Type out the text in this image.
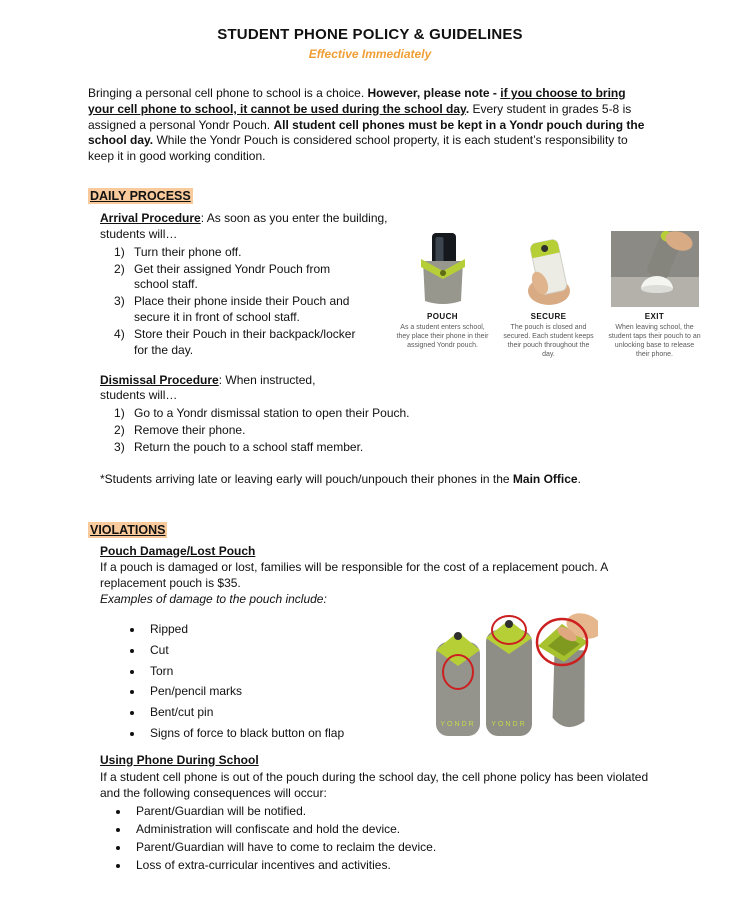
STUDENT PHONE POLICY & GUIDELINES
Effective Immediately

Bringing a personal cell phone to school is a choice. However, please note - if you choose to bring your cell phone to school, it cannot be used during the school day. Every student in grades 5-8 is assigned a personal Yondr Pouch. All student cell phones must be kept in a Yondr pouch during the school day. While the Yondr Pouch is considered school property, it is each student’s responsibility to keep it in good working condition.

DAILY PROCESS

Arrival Procedure: As soon as you enter the building, students will…

Turn their phone off.
Get their assigned Yondr Pouch from school staff.
Place their phone inside their Pouch and secure it in front of school staff.
Store their Pouch in their backpack/locker for the day.

Dismissal Procedure: When instructed, students will…

POUCH
As a student enters school, they place their phone in their assigned Yondr pouch.
SECURE
The pouch is closed and secured. Each student keeps their pouch throughout the day.
EXIT
When leaving school, the student taps their pouch to an unlocking base to release their phone.
Go to a Yondr dismissal station to open their Pouch.
Remove their phone.
Return the pouch to a school staff member.

*Students arriving late or leaving early will pouch/unpouch their phones in the Main Office.

VIOLATIONS
Pouch Damage/Lost Pouch

If a pouch is damaged or lost, families will be responsible for the cost of a replacement pouch. A replacement pouch is $35.

Examples of damage to the pouch include:

• Ripped
• Cut
• Torn
• Pen/pencil marks
• Bent/cut pin
• Signs of force to black button on flap
YONDR
YONDR
Using Phone During School

If a student cell phone is out of the pouch during the school day, the cell phone policy has been violated and the following consequences will occur:

• Parent/Guardian will be notified.
• Administration will confiscate and hold the device.
• Parent/Guardian will have to come to reclaim the device.
• Loss of extra-curricular incentives and activities.
